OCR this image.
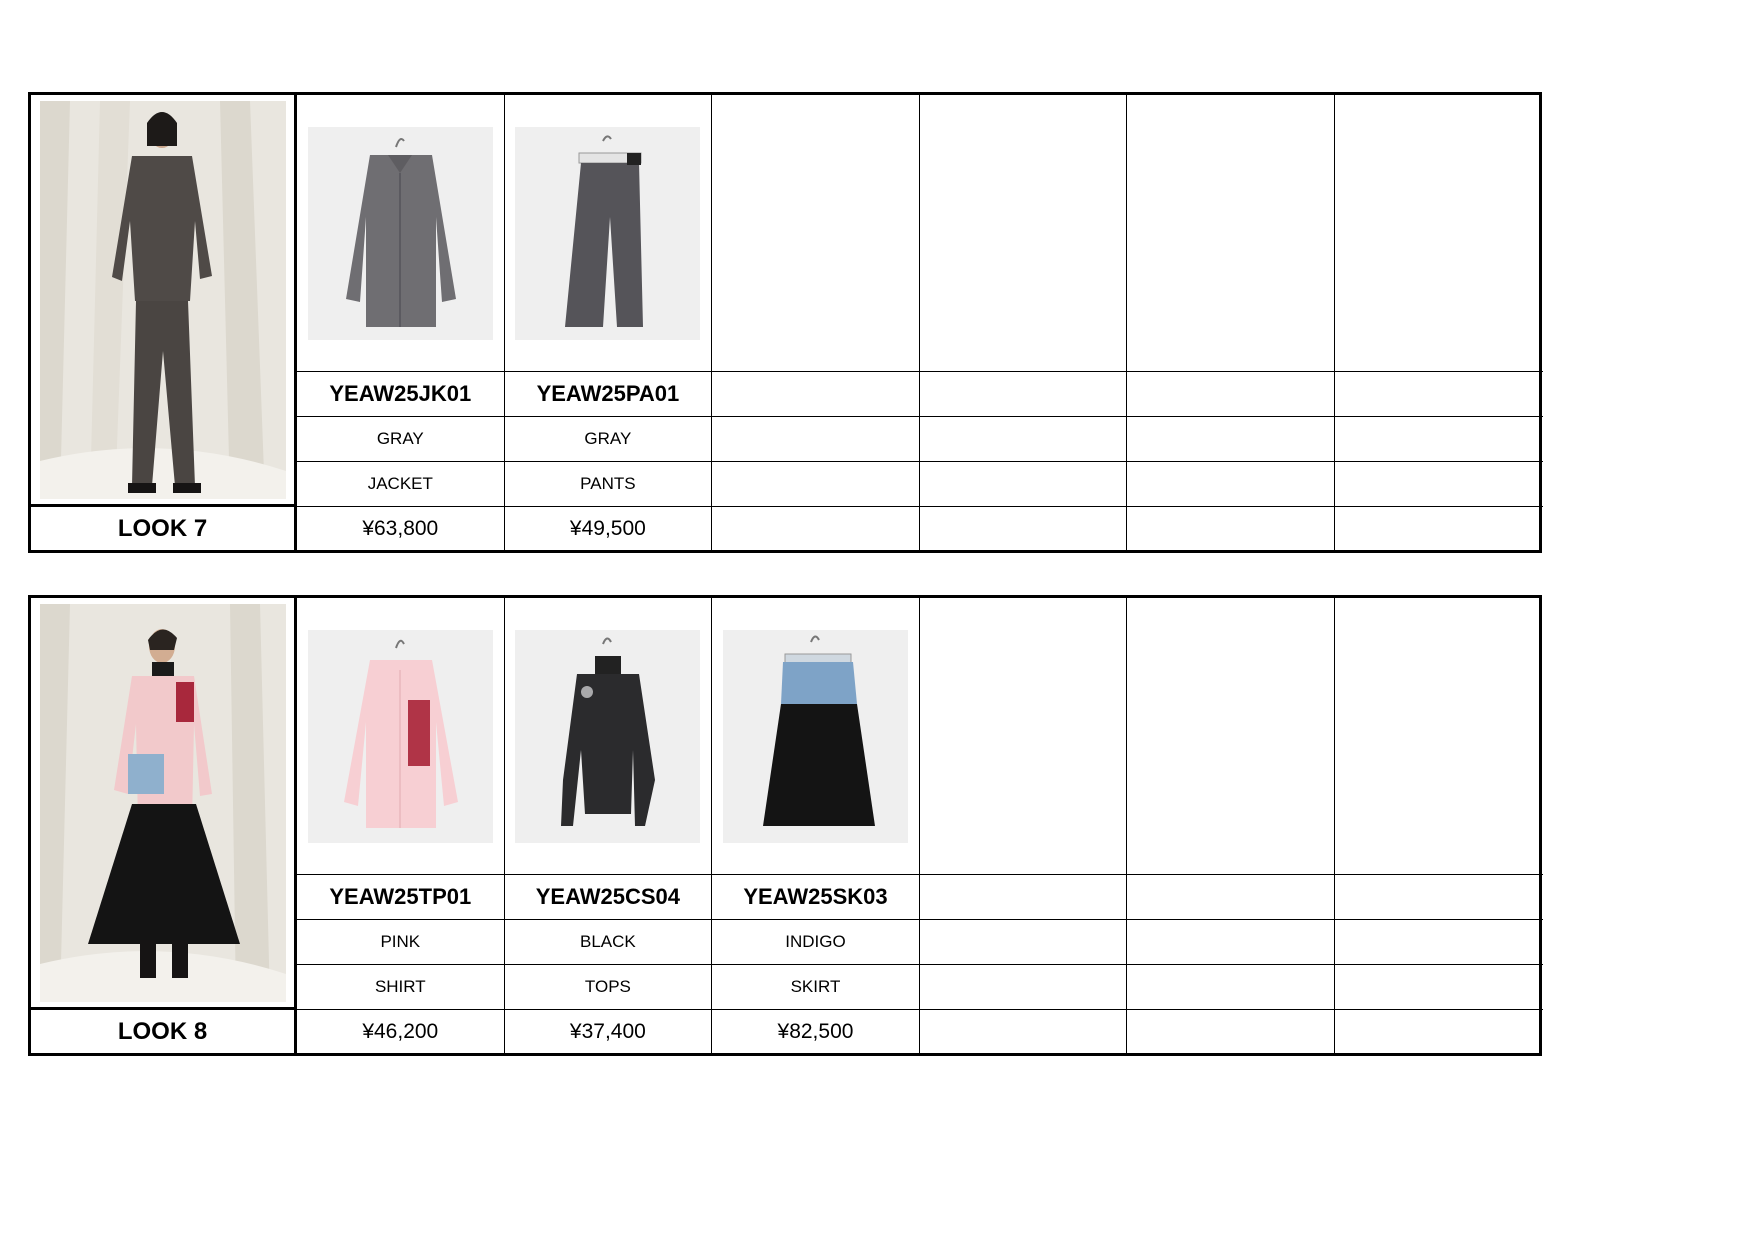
YEAW25JK01	YEAW25PA01
GRAY	GRAY
JACKET	PANTS
LOOK 7	¥63,800	¥49,500
YEAW25TP01	YEAW25CS04	YEAW25SK03
PINK	BLACK	INDIGO
SHIRT	TOPS	SKIRT
LOOK 8	¥46,200	¥37,400	¥82,500
